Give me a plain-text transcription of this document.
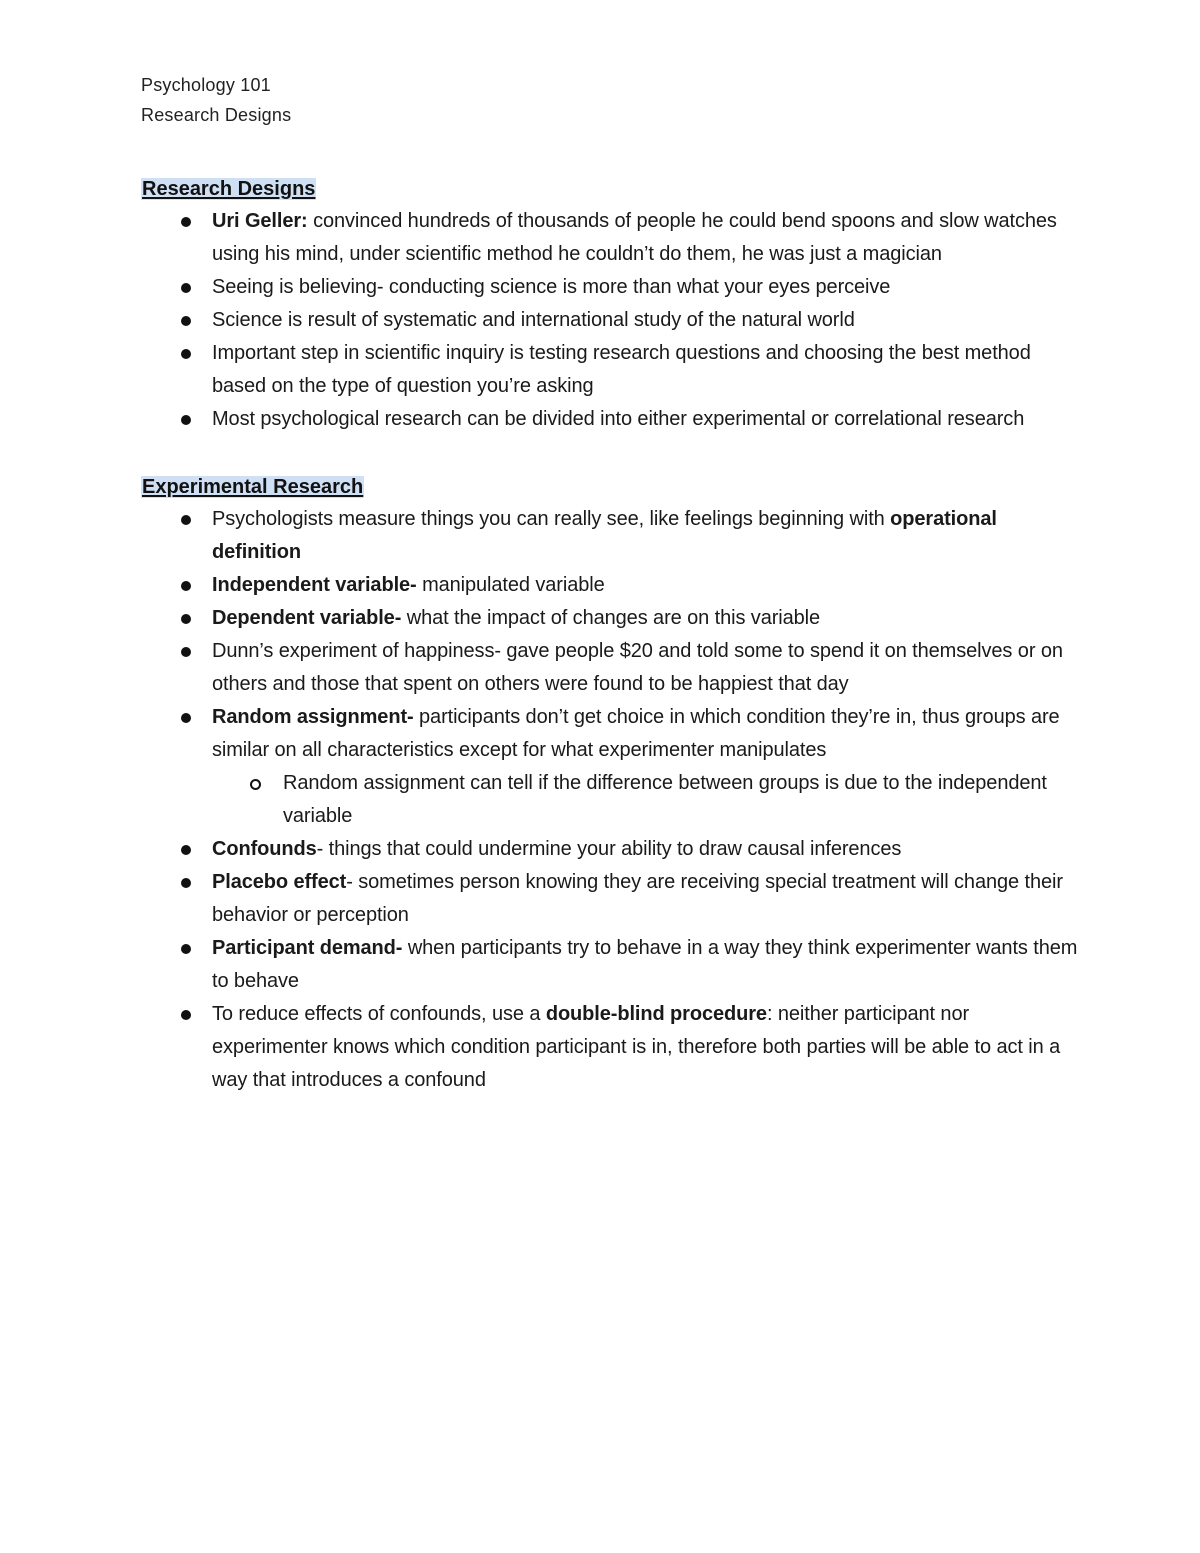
Psychology 101
Research Designs
Research Designs
Uri Geller: convinced hundreds of thousands of people he could bend spoons and slow watches using his mind, under scientific method he couldn’t do them, he was just a magician
Seeing is believing- conducting science is more than what your eyes perceive
Science is result of systematic and international study of the natural world
Important step in scientific inquiry is testing research questions and choosing the best method based on the type of question you’re asking
Most psychological research can be divided into either experimental or correlational research
Experimental Research
Psychologists measure things you can really see, like feelings beginning with operational definition
Independent variable- manipulated variable
Dependent variable- what the impact of changes are on this variable
Dunn’s experiment of happiness- gave people $20 and told some to spend it on themselves or on others and those that spent on others were found to be happiest that day
Random assignment- participants don’t get choice in which condition they’re in, thus groups are similar on all characteristics except for what experimenter manipulates
Random assignment can tell if the difference between groups is due to the independent variable
Confounds- things that could undermine your ability to draw causal inferences
Placebo effect- sometimes person knowing they are receiving special treatment will change their behavior or perception
Participant demand- when participants try to behave in a way they think experimenter wants them to behave
To reduce effects of confounds, use a double-blind procedure: neither participant nor experimenter knows which condition participant is in, therefore both parties will be able to act in a way that introduces a confound
